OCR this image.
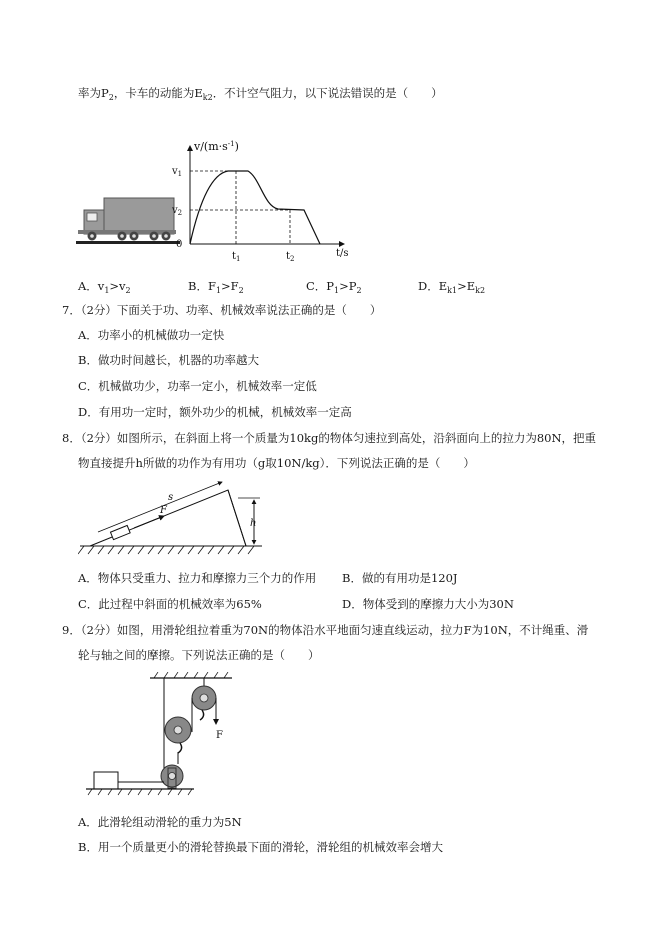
率为$P_2$，卡车的动能为$E_{k2}$．不计空气阻力，以下说法错误的是（　　）
$v/(m\cdot s^{-1})$
$v_1$
$v_2$
0
$t_1$	$t_2$	t/s
A．$v_1>v_2$	B．$F_1>F_2$	C．$P_1>P_2$	D．$E_{k1}>E_{k2}$
7．（2分）下面关于功、功率、机械效率说法正确的是（　　）
A．功率小的机械做功一定快
B．做功时间越长，机器的功率越大
C．机械做功少，功率一定小，机械效率一定低
D．有用功一定时，额外功少的机械，机械效率一定高
8．（2分）如图所示，在斜面上将一个质量为10kg的物体匀速拉到高处，沿斜面向上的拉力为80N，把重
物直接提升h所做的功作为有用功（g取10N/kg）．下列说法正确的是（　　）
F
s
h
A．物体只受重力、拉力和摩擦力三个力的作用 B．做的有用功是120J
C．此过程中斜面的机械效率为65%	D．物体受到的摩擦力大小为30N
9．（2分）如图，用滑轮组拉着重为70N的物体沿水平地面匀速直线运动，拉力F为10N，不计绳重、滑
轮与轴之间的摩擦。下列说法正确的是（　　）
F
A．此滑轮组动滑轮的重力为5N
B．用一个质量更小的滑轮替换最下面的滑轮，滑轮组的机械效率会增大
